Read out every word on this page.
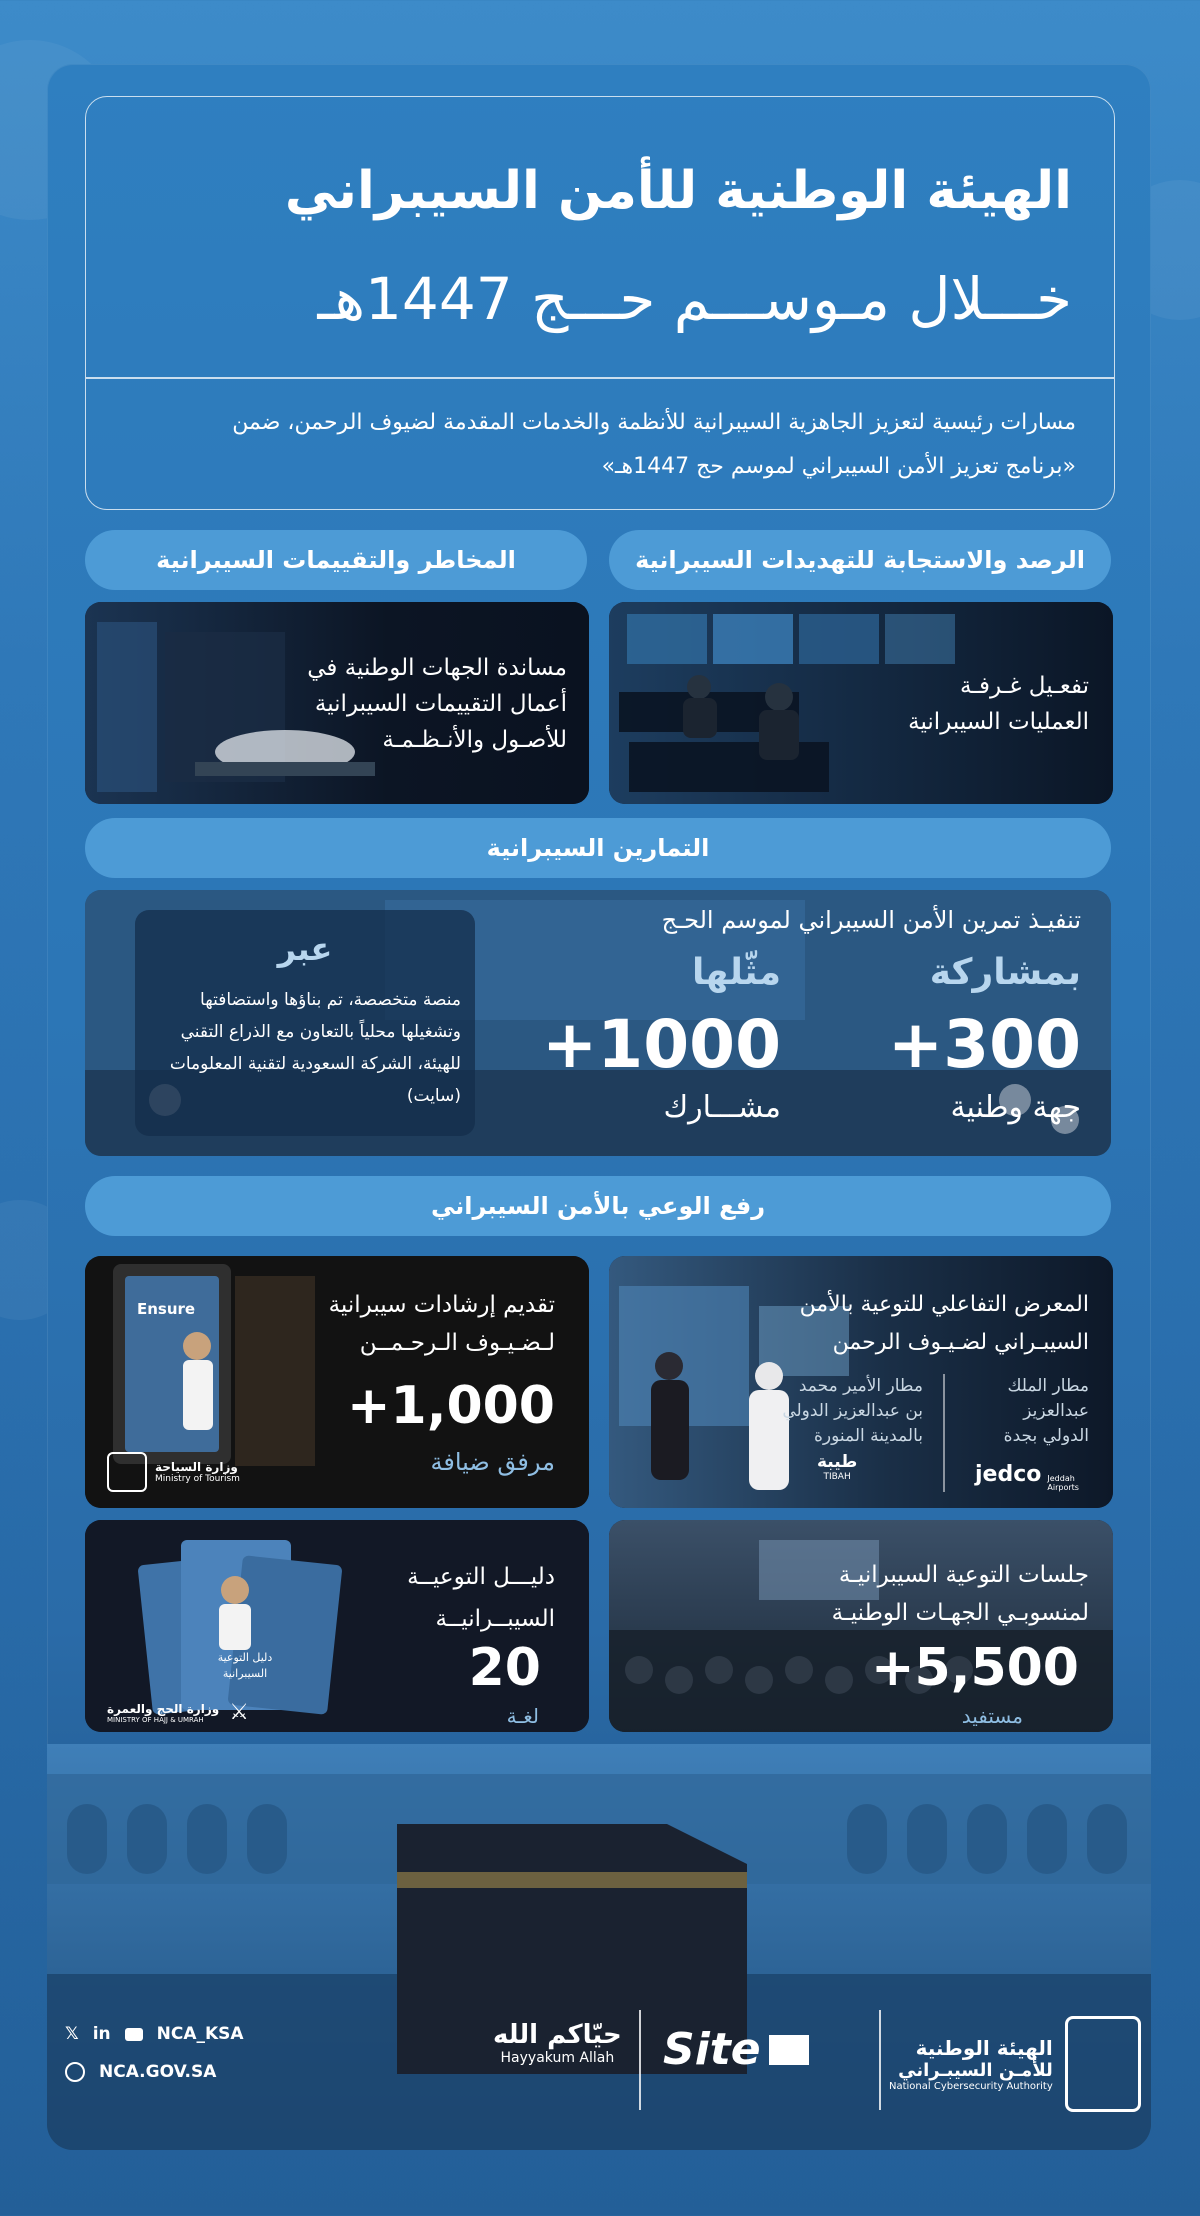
الهيئة الوطنية للأمن السيبراني
خـــلال مـوســـم حـــج 1447هـ
مسارات رئيسية لتعزيز الجاهزية السيبرانية للأنظمة والخدمات المقدمة لضيوف الرحمن، ضمن
«برنامج تعزيز الأمن السيبراني لموسم حج 1447هـ»
الرصد والاستجابة للتهديدات السيبرانية
المخاطر والتقييمات السيبرانية
تفعـيل غـرفـة
العمليات السيبرانية
مساندة الجهات الوطنية في
أعمال التقييمات السيبرانية
للأصـول والأنـظـمـة
التمارين السيبرانية
تنفيـذ تمرين الأمن السيبراني لموسم الحـج
بمشاركة
مثّلها
+300
جهة وطنية
+1000
مشـــارك
عبر
منصة متخصصة، تم بناؤها واستضافتها وتشغيلها محلياً بالتعاون مع الذراع التقني للهيئة، الشركة السعودية لتقنية المعلومات (سايت)
رفع الوعي بالأمن السيبراني
المعرض التفاعلي للتوعية بالأمن
السيبـراني لضـيـوف الرحمن
مطار الملك
عبدالعزيز
الدولي بجدة
مطار الأمير محمد
بن عبدالعزيز الدولي
بالمدينة المنورة
jedco Jeddah Airports
طيبة
TIBAH
Ensure	تقديم إرشادات سيبرانية
لـضـيـوف الـرحـمــن
+1,000
مرفق ضيافة
وزارة السياحة
Ministry of Tourism
جلسات التوعية السيبرانيـة
لمنسوبـي الجهـات الوطنيـة
+5,500
مستفيد
دليل التوعية السيبرانية
دليـــل التوعيــة
السيبــرانيــة
20
لغـة
وزارة الحج والعمرة
MINISTRY OF HAJJ & UMRAH	⚔
𝕏 in	NCA_KSA
NCA.GOV.SA
حيّاكم الله
Hayyakum Allah Site	الهيئة الوطنية
للأمـن السيبـراني
National Cybersecurity Authority
